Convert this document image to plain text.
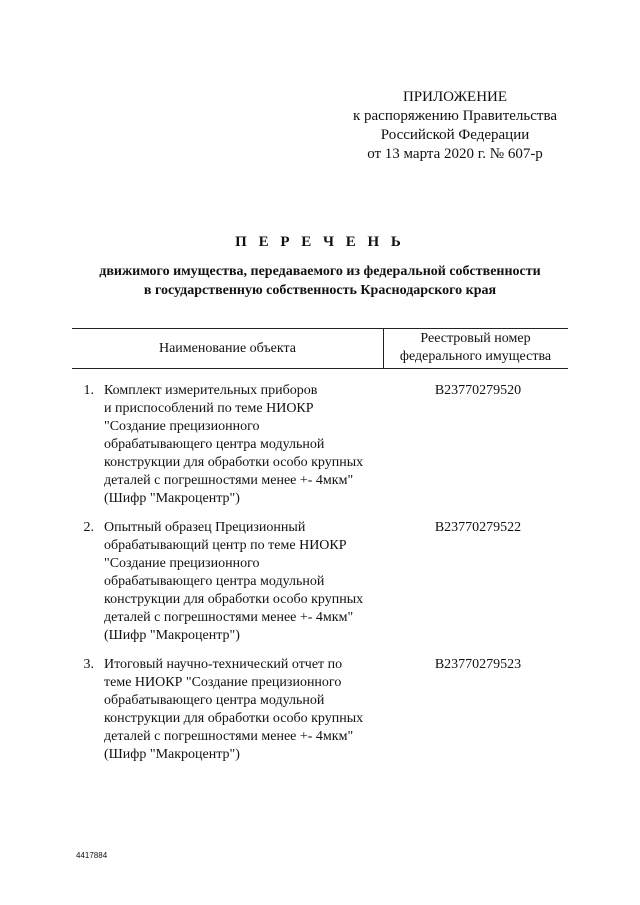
ПРИЛОЖЕНИЕ
к распоряжению Правительства
Российской Федерации
от 13 марта 2020 г. № 607-р
П Е Р Е Ч Е Н Ь
движимого имущества, передаваемого из федеральной собственности
в государственную собственность Краснодарского края
Наименование объекта
Реестровый номер
федерального имущества
1. Комплект измерительных приборов
и приспособлений по теме НИОКР
"Создание прецизионного
обрабатывающего центра модульной
конструкции для обработки особо крупных
деталей с погрешностями менее +- 4мкм"
(Шифр "Макроцентр")
В23770279520
2. Опытный образец Прецизионный
обрабатывающий центр по теме НИОКР
"Создание прецизионного
обрабатывающего центра модульной
конструкции для обработки особо крупных
деталей с погрешностями менее +- 4мкм"
(Шифр "Макроцентр")
В23770279522
3. Итоговый научно-технический отчет по
теме НИОКР "Создание прецизионного
обрабатывающего центра модульной
конструкции для обработки особо крупных
деталей с погрешностями менее +- 4мкм"
(Шифр "Макроцентр")
В23770279523
4417884
